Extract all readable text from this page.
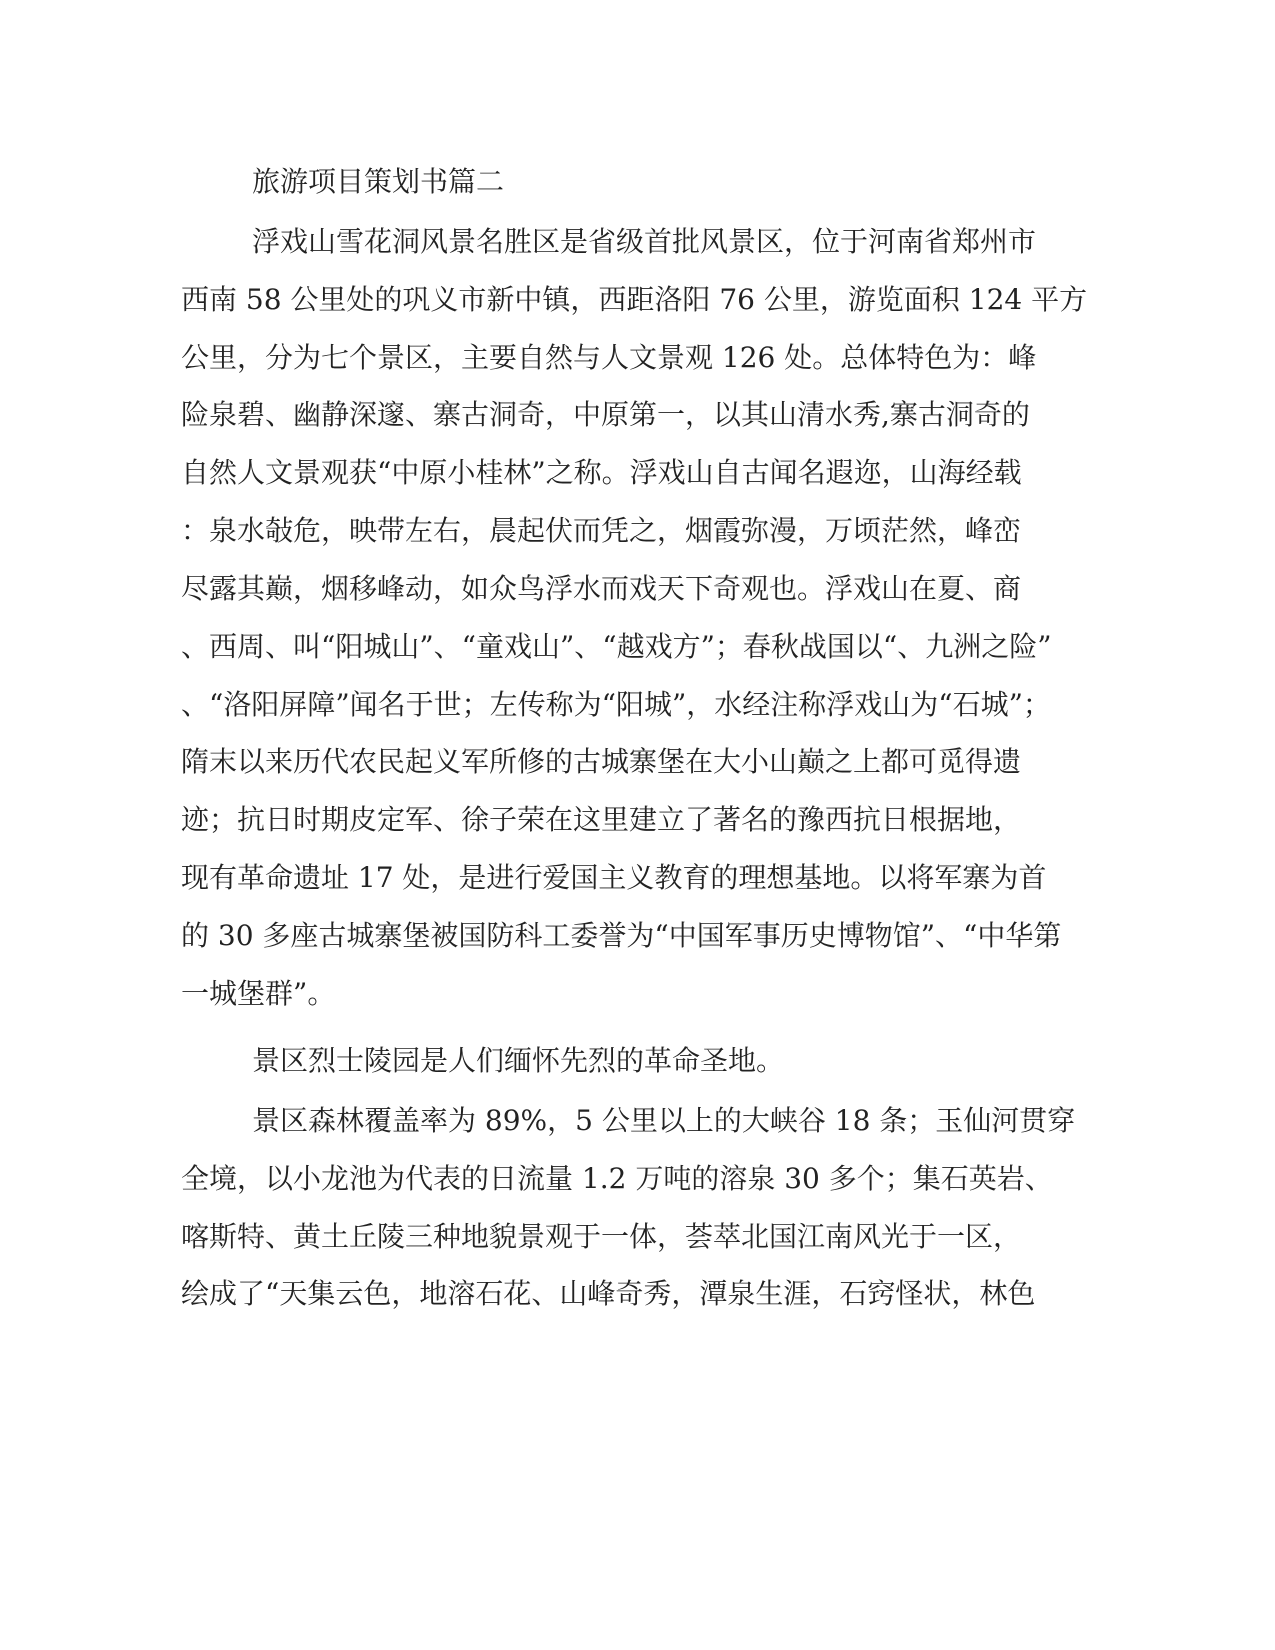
旅游项目策划书篇二

浮戏山雪花洞风景名胜区是省级首批风景区，位于河南省郑州市

西南 58 公里处的巩义市新中镇，西距洛阳 76 公里，游览面积 124 平方

公里，分为七个景区，主要自然与人文景观 126 处。总体特色为：峰

险泉碧、幽静深邃、寨古洞奇，中原第一，以其山清水秀,寨古洞奇的

自然人文景观获“中原小桂林”之称。浮戏山自古闻名遐迩，山海经载

：泉水敧危，映带左右，晨起伏而凭之，烟霞弥漫，万顷茫然，峰峦

尽露其巅，烟移峰动，如众鸟浮水而戏天下奇观也。浮戏山在夏、商

、西周、叫“阳城山”、“童戏山”、“越戏方”；春秋战国以“、九洲之险”

、“洛阳屏障”闻名于世；左传称为“阳城”，水经注称浮戏山为“石城”；

隋末以来历代农民起义军所修的古城寨堡在大小山巅之上都可觅得遗

迹；抗日时期皮定军、徐子荣在这里建立了著名的豫西抗日根据地，

现有革命遗址 17 处，是进行爱国主义教育的理想基地。以将军寨为首

的 30 多座古城寨堡被国防科工委誉为“中国军事历史博物馆”、“中华第

一城堡群”。

景区烈士陵园是人们缅怀先烈的革命圣地。

景区森林覆盖率为 89%，5 公里以上的大峡谷 18 条；玉仙河贯穿

全境，以小龙池为代表的日流量 1.2 万吨的溶泉 30 多个；集石英岩、

喀斯特、黄土丘陵三种地貌景观于一体，荟萃北国江南风光于一区，

绘成了“天集云色，地溶石花、山峰奇秀，潭泉生涯，石窍怪状，林色
